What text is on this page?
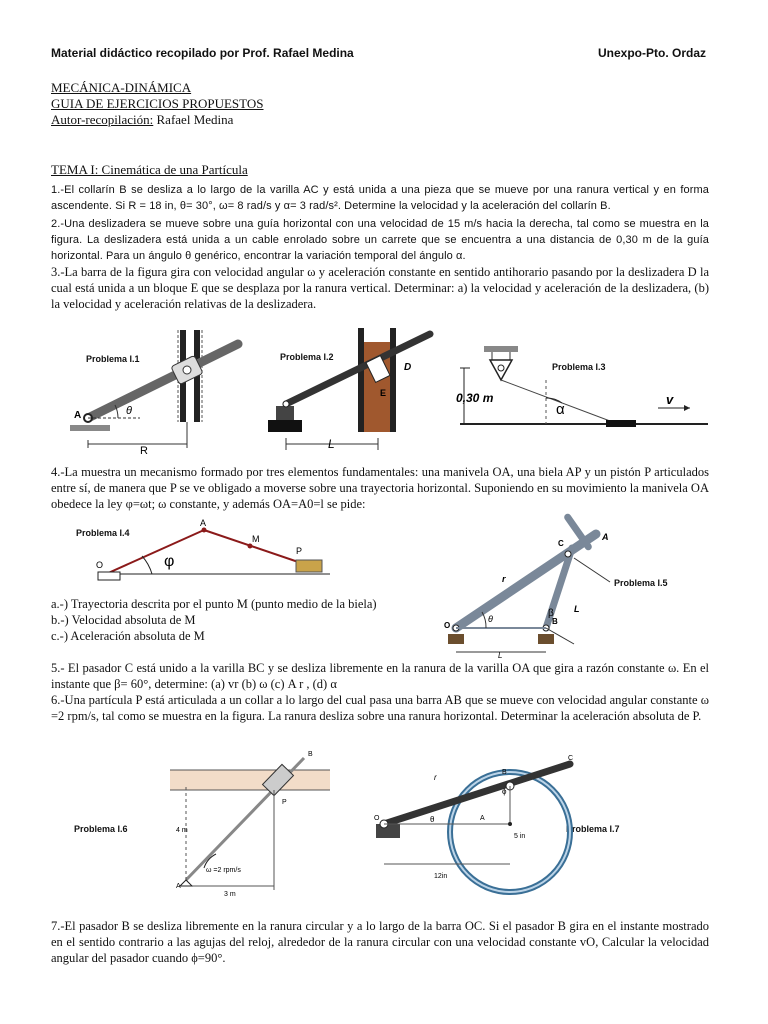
Material didáctico recopilado por Prof. Rafael Medina	Unexpo-Pto. Ordaz
MECÁNICA-DINÁMICA
GUIA DE EJERCICIOS PROPUESTOS
Autor-recopilación: Rafael Medina
TEMA I: Cinemática de una Partícula
1.-El collarín B se desliza a lo largo de la varilla AC y está unida a una pieza que se mueve por una ranura vertical y en forma ascendente. Si R = 18 in, θ= 30°, ω= 8 rad/s y α= 3 rad/s². Determine la velocidad y la aceleración del collarín B.
2.-Una deslizadera se mueve sobre una guía horizontal con una velocidad de 15 m/s hacia la derecha, tal como se muestra en la figura. La deslizadera está unida a un cable enrolado sobre un carrete que se encuentra a una distancia de 0,30 m de la guía horizontal. Para un ángulo θ genérico, encontrar la variación temporal del ángulo α.
3.-La barra de la figura gira con velocidad angular ω y aceleración constante en sentido antihorario pasando por la deslizadera D la cual está unida a un bloque E que se desplaza por la ranura vertical. Determinar: a) la velocidad y aceleración de la deslizadera, (b) la velocidad y aceleración relativas de la deslizadera.
Problema I.1
A	θ
R
Problema I.2
D
E
L
Problema I.3
0,30 m
α
v
4.-La muestra un mecanismo formado por tres elementos fundamentales: una manivela OA, una biela AP y un pistón P articulados entre sí, de manera que P se ve obligado a moverse sobre una trayectoria horizontal. Suponiendo en su movimiento la manivela OA obedece la ley φ=ωt; ω constante, y además OA=A0=l se pide:
Problema I.4
O
A
M
P
φ
a.-) Trayectoria descrita por el punto M (punto medio de la biela)
b.-) Velocidad absoluta de M
c.-) Aceleración absoluta de M
Problema I.5
C
A
B
O
r
L
L
θ	β
5.- El pasador C está unido a la varilla BC y se desliza libremente en la ranura de la varilla OA que gira a razón constante ω. En el instante que β= 60°, determine: (a) vr (b) ω (c) A r , (d) α
6.-Una partícula P está articulada a un collar a lo largo del cual pasa una barra AB que se mueve con velocidad angular constante ω =2 rpm/s, tal como se muestra en la figura. La ranura desliza sobre una ranura horizontal. Determinar la aceleración absoluta de P.
Problema I.6
B
P
A
4 m
3 m
ω =2 rpm/s
Problema I.7
B
C
O	A
r
θ
ϕ
5 in
12in
7.-El pasador B se desliza libremente en la ranura circular y a lo largo de la barra OC. Si el pasador B gira en el instante mostrado en el sentido contrario a las agujas del reloj, alrededor de la ranura circular con una velocidad constante vO, Calcular la velocidad angular del pasador cuando ϕ=90°.
